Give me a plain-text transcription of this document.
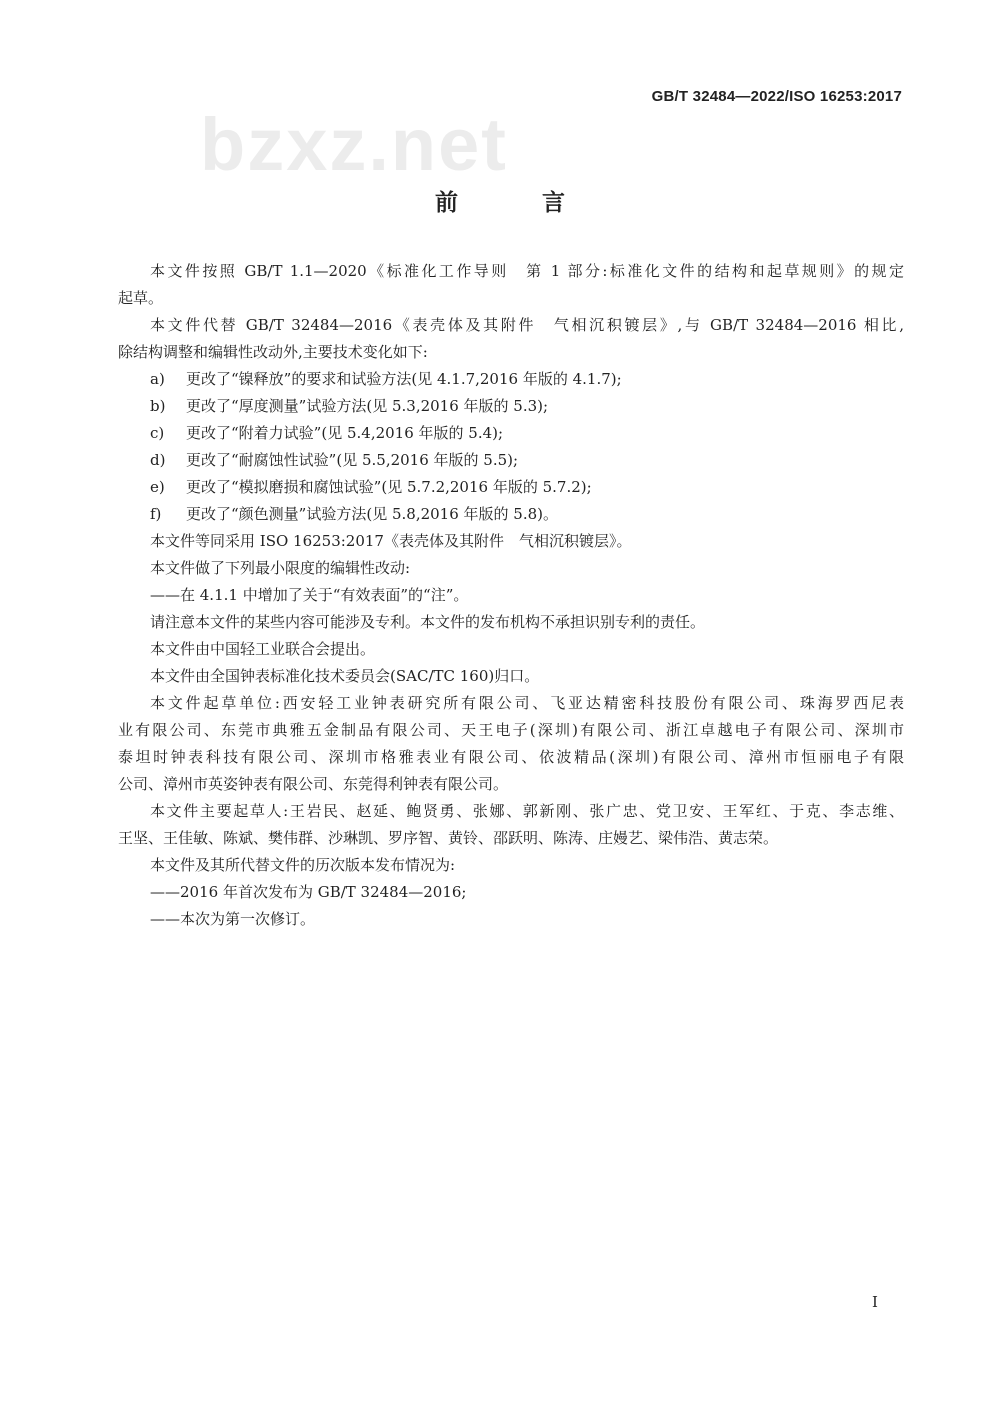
GB/T 32484—2022/ISO 16253:2017
bzxz.net
前 言
本文件按照 GB/T 1.1—2020《标准化工作导则　第 1 部分:标准化文件的结构和起草规则》的规定
起草。
本文件代替 GB/T 32484—2016《表壳体及其附件　气相沉积镀层》,与 GB/T 32484—2016 相比,
除结构调整和编辑性改动外,主要技术变化如下:
a)	更改了“镍释放”的要求和试验方法(见 4.1.7,2016 年版的 4.1.7);
b)	更改了“厚度测量”试验方法(见 5.3,2016 年版的 5.3);
c)	更改了“附着力试验”(见 5.4,2016 年版的 5.4);
d)	更改了“耐腐蚀性试验”(见 5.5,2016 年版的 5.5);
e)	更改了“模拟磨损和腐蚀试验”(见 5.7.2,2016 年版的 5.7.2);
f)	更改了“颜色测量”试验方法(见 5.8,2016 年版的 5.8)。
本文件等同采用 ISO 16253:2017《表壳体及其附件　气相沉积镀层》。
本文件做了下列最小限度的编辑性改动:
——在 4.1.1 中增加了关于“有效表面”的“注”。
请注意本文件的某些内容可能涉及专利。本文件的发布机构不承担识别专利的责任。
本文件由中国轻工业联合会提出。
本文件由全国钟表标准化技术委员会(SAC/TC 160)归口。
本文件起草单位:西安轻工业钟表研究所有限公司、飞亚达精密科技股份有限公司、珠海罗西尼表
业有限公司、东莞市典雅五金制品有限公司、天王电子(深圳)有限公司、浙江卓越电子有限公司、深圳市
泰坦时钟表科技有限公司、深圳市格雅表业有限公司、依波精品(深圳)有限公司、漳州市恒丽电子有限
公司、漳州市英姿钟表有限公司、东莞得利钟表有限公司。
本文件主要起草人:王岩民、赵延、鲍贤勇、张娜、郭新刚、张广忠、党卫安、王军红、于克、李志维、
王坚、王佳敏、陈斌、樊伟群、沙琳凯、罗序智、黄铃、邵跃明、陈涛、庄嫚艺、梁伟浩、黄志荣。
本文件及其所代替文件的历次版本发布情况为:
——2016 年首次发布为 GB/T 32484—2016;
——本次为第一次修订。
I
